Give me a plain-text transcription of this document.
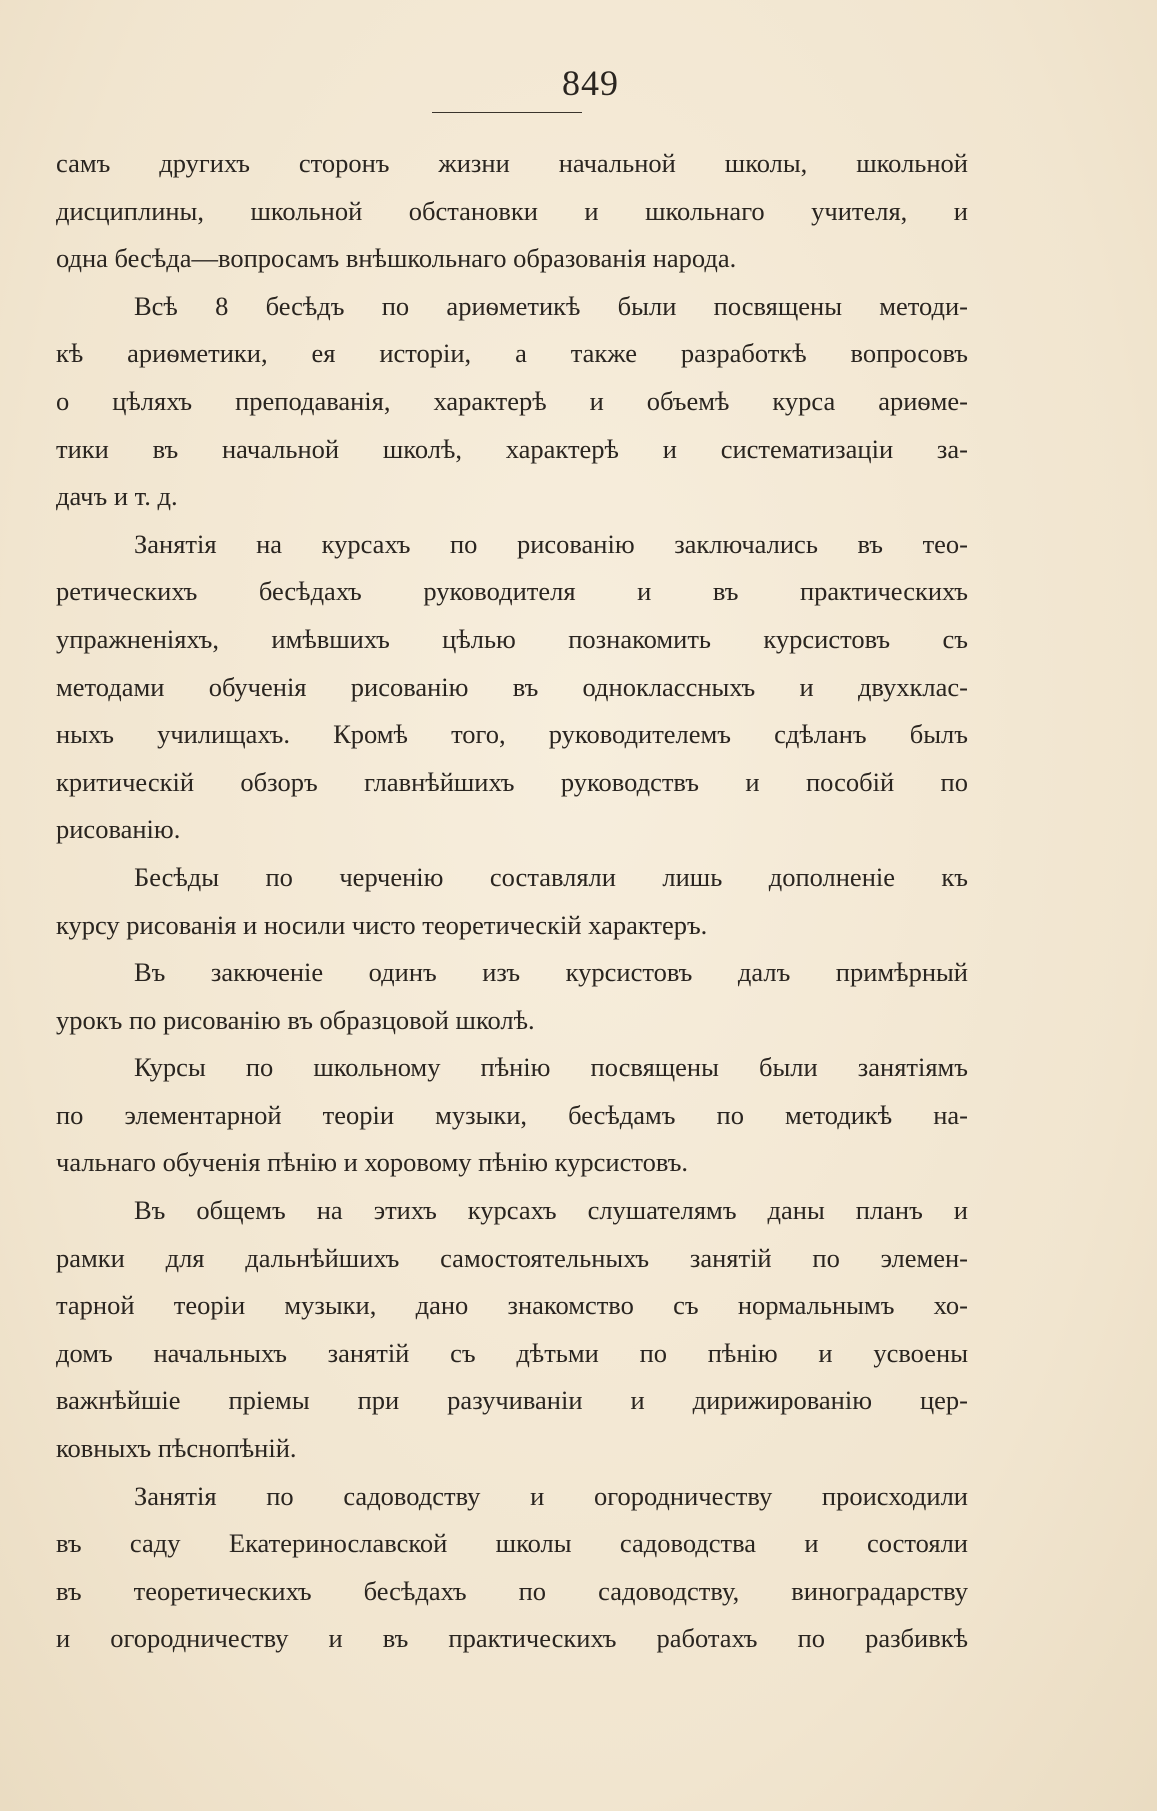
849
самъ другихъ сторонъ жизни начальной школы, школьной
дисциплины, школьной обстановки и школьнаго учителя, и
одна бесѣда—вопросамъ внѣшкольнаго образованія народа.
Всѣ 8 бесѣдъ по ариѳметикѣ были посвящены методи-
кѣ ариѳметики, ея исторіи, а также разработкѣ вопросовъ
о цѣляхъ преподаванія, характерѣ и объемѣ курса ариѳме-
тики въ начальной школѣ, характерѣ и систематизаціи за-
дачъ и т. д.
Занятія на курсахъ по рисованію заключались въ тео-
ретическихъ бесѣдахъ руководителя и въ практическихъ
упражненіяхъ, имѣвшихъ цѣлью познакомить курсистовъ съ
методами обученія рисованію въ одноклассныхъ и двухклас-
ныхъ училищахъ. Кромѣ того, руководителемъ сдѣланъ былъ
критическій обзоръ главнѣйшихъ руководствъ и пособій по
рисованію.
Бесѣды по черченію составляли лишь дополненіе къ
курсу рисованія и носили чисто теоретическій характеръ.
Въ закюченіе одинъ изъ курсистовъ далъ примѣрный
урокъ по рисованію въ образцовой школѣ.
Курсы по школьному пѣнію посвящены были занятіямъ
по элементарной теоріи музыки, бесѣдамъ по методикѣ на-
чальнаго обученія пѣнію и хоровому пѣнію курсистовъ.
Въ общемъ на этихъ курсахъ слушателямъ даны планъ и
рамки для дальнѣйшихъ самостоятельныхъ занятій по элемен-
тарной теоріи музыки, дано знакомство съ нормальнымъ хо-
домъ начальныхъ занятій съ дѣтьми по пѣнію и усвоены
важнѣйшіе пріемы при разучиваніи и дирижированію цер-
ковныхъ пѣснопѣній.
Занятія по садоводству и огородничеству происходили
въ саду Екатеринославской школы садоводства и состояли
въ теоретическихъ бесѣдахъ по садоводству, виноградарству
и огородничеству и въ практическихъ работахъ по разбивкѣ
